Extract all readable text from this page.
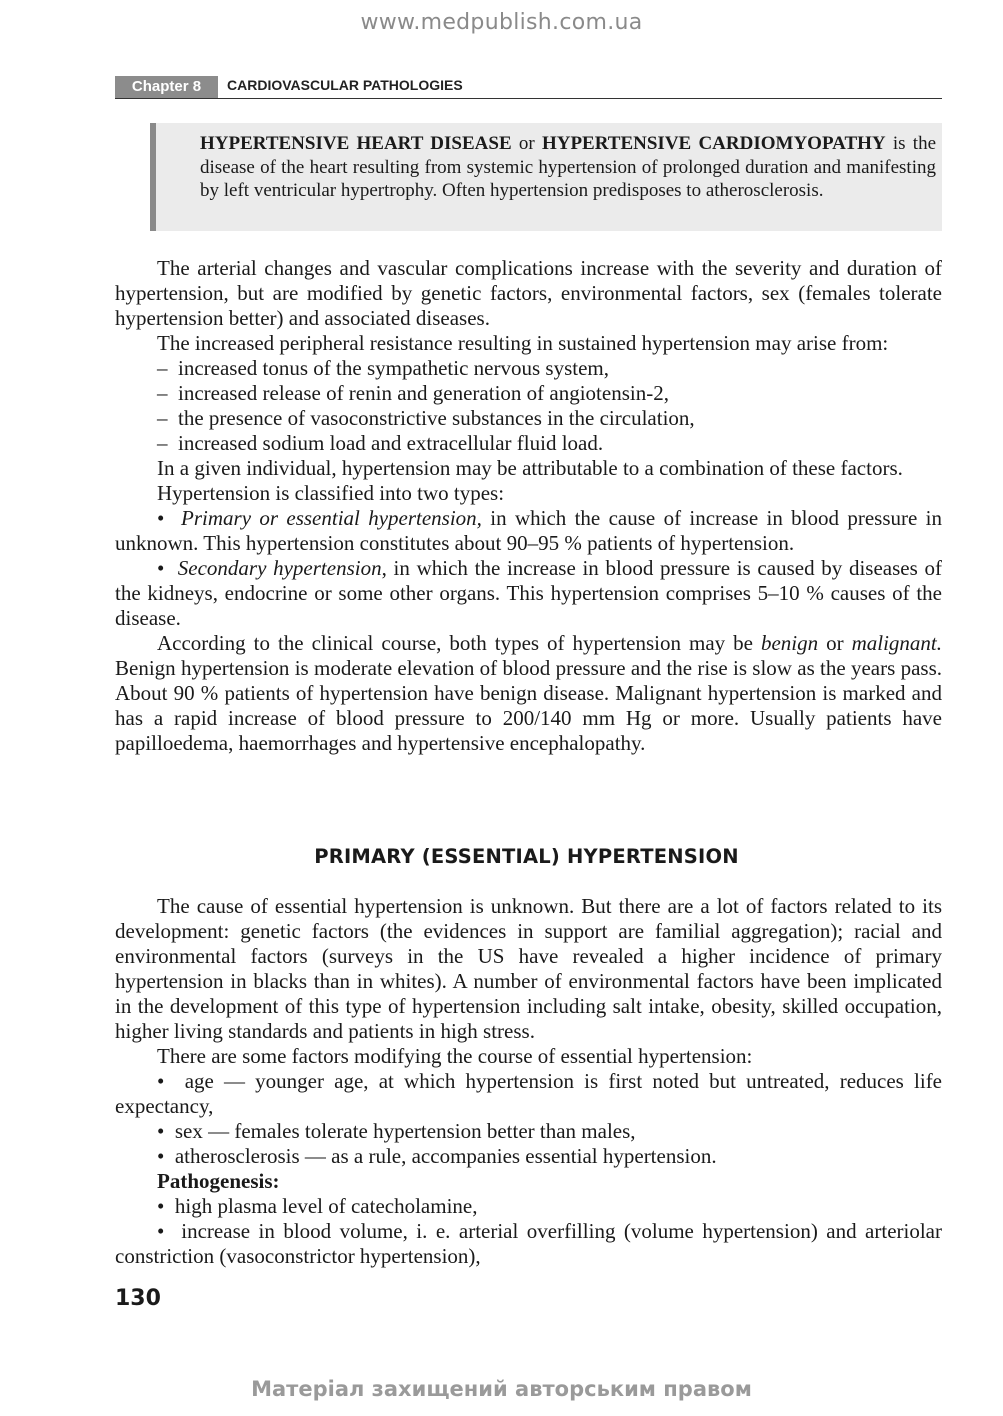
www.medpublish.com.ua
Chapter 8	CARDIOVASCULAR PATHOLOGIES
HYPERTENSIVE HEART DISEASE or HYPERTENSIVE CARDIOMYOPATHY is the disease of the heart resulting from systemic hypertension of prolonged duration and manifesting by left ventricular hypertrophy. Often hypertension predisposes to atherosclerosis.

The arterial changes and vascular complications increase with the severity and duration of hypertension, but are modified by genetic factors, environmental factors, sex (females tolerate hypertension better) and associated diseases.

The increased peripheral resistance resulting in sustained hypertension may arise from:

‒  increased tonus of the sympathetic nervous system,

‒  increased release of renin and generation of angiotensin-2,

‒  the presence of vasoconstrictive substances in the circulation,

‒  increased sodium load and extracellular fluid load.

In a given individual, hypertension may be attributable to a combination of these factors.

Hypertension is classified into two types:

•  Primary or essential hypertension, in which the cause of increase in blood pressure in unknown. This hypertension constitutes about 90–95 % patients of hypertension.

•  Secondary hypertension, in which the increase in blood pressure is caused by diseases of the kidneys, endocrine or some other organs. This hypertension comprises 5–10 % causes of the disease.

According to the clinical course, both types of hypertension may be benign or malignant. Benign hypertension is moderate elevation of blood pressure and the rise is slow as the years pass. About 90 % patients of hypertension have benign disease. Malignant hypertension is marked and has a rapid increase of blood pressure to 200/140 mm Hg or more. Usually patients have papilloedema, haemorrhages and hypertensive encephalopathy.

PRIMARY (ESSENTIAL) HYPERTENSION

The cause of essential hypertension is unknown. But there are a lot of factors related to its development: genetic factors (the evidences in support are familial aggregation); racial and environmental factors (surveys in the US have revealed a higher incidence of primary hypertension in blacks than in whites). A number of environmental factors have been implicated in the development of this type of hypertension including salt intake, obesity, skilled occupation, higher living standards and patients in high stress.

There are some factors modifying the course of essential hypertension:

•  age — younger age, at which hypertension is first noted but untreated, reduces life expectancy,

•  sex — females tolerate hypertension better than males,

•  atherosclerosis — as a rule, accompanies essential hypertension.

Pathogenesis:

•  high plasma level of catecholamine,

•  increase in blood volume, i. e. arterial overfilling (volume hypertension) and arteriolar constriction (vasoconstrictor hypertension),

130
Матеріал захищений авторським правом
